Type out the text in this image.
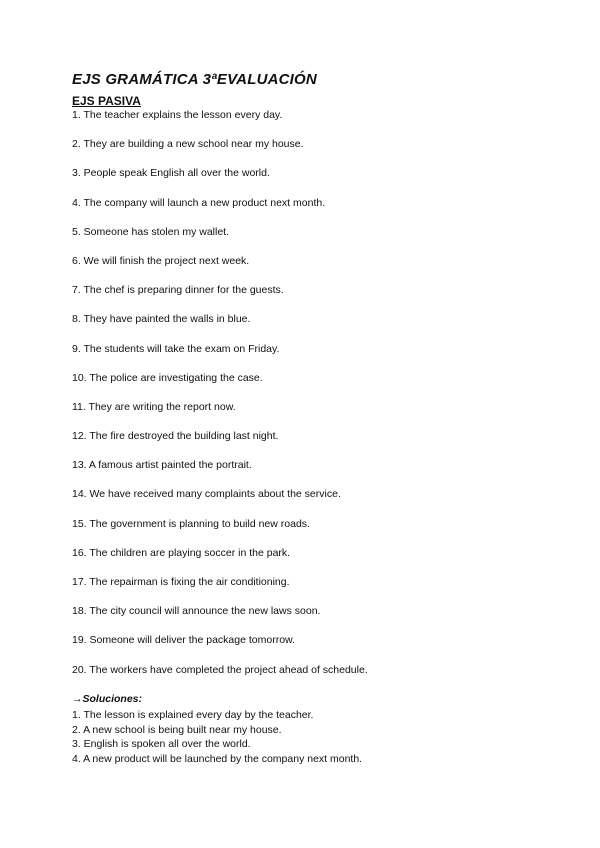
EJS GRAMÁTICA 3ªEVALUACIÓN
EJS PASIVA
1. The teacher explains the lesson every day.
2. They are building a new school near my house.
3. People speak English all over the world.
4. The company will launch a new product next month.
5. Someone has stolen my wallet.
6. We will finish the project next week.
7. The chef is preparing dinner for the guests.
8. They have painted the walls in blue.
9. The students will take the exam on Friday.
10. The police are investigating the case.
11. They are writing the report now.
12. The fire destroyed the building last night.
13. A famous artist painted the portrait.
14. We have received many complaints about the service.
15. The government is planning to build new roads.
16. The children are playing soccer in the park.
17. The repairman is fixing the air conditioning.
18. The city council will announce the new laws soon.
19. Someone will deliver the package tomorrow.
20. The workers have completed the project ahead of schedule.
→Soluciones:
1. The lesson is explained every day by the teacher.
2. A new school is being built near my house.
3. English is spoken all over the world.
4. A new product will be launched by the company next month.
